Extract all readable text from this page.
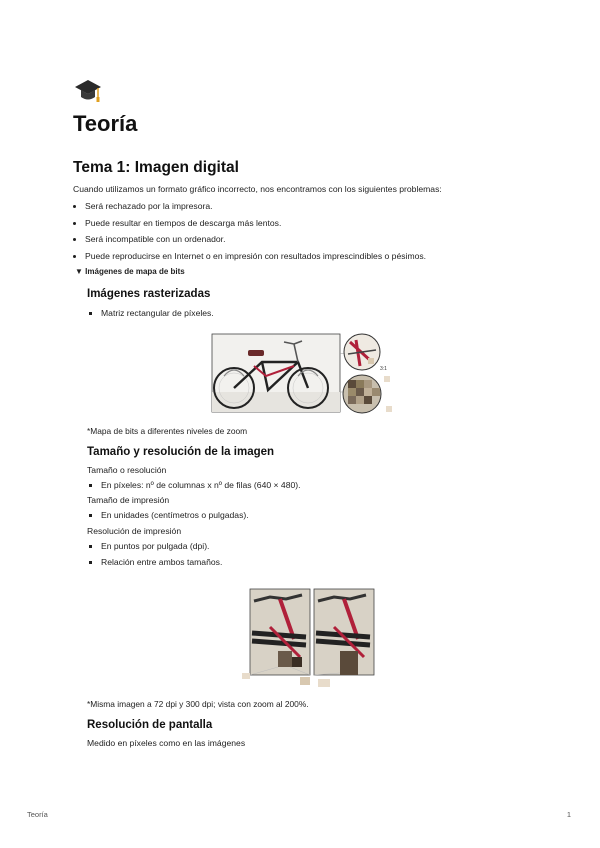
Teoría
Tema 1: Imagen digital

Cuando utilizamos un formato gráfico incorrecto, nos encontramos con los siguientes problemas:

• Será rechazado por la impresora.
• Puede resultar en tiempos de descarga más lentos.
• Será incompatible con un ordenador.
• Puede reproducirse en Internet o en impresión con resultados imprescindibles o pésimos.
▼ Imágenes de mapa de bits
Imágenes rasterizadas
▪ Matriz rectangular de píxeles.
3:1

*Mapa de bits a diferentes niveles de zoom

Tamaño y resolución de la imagen

Tamaño o resolución

▪ En píxeles: nº de columnas x nº de filas (640 × 480).

Tamaño de impresión

▪ En unidades (centímetros o pulgadas).

Resolución de impresión

▪ En puntos por pulgada (dpi).
▪ Relación entre ambos tamaños.

*Misma imagen a 72 dpi y 300 dpi; vista con zoom al 200%.

Resolución de pantalla

Medido en píxeles como en las imágenes

Teoría	1
